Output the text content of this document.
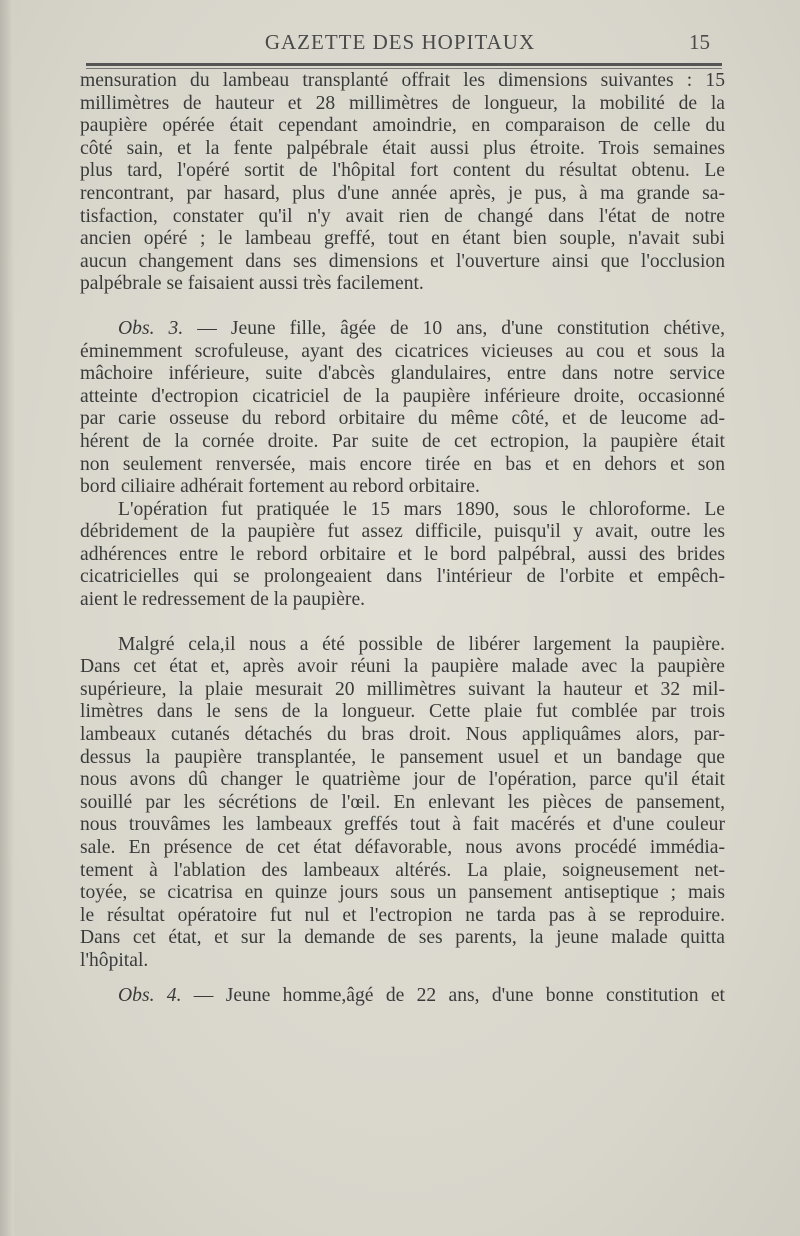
GAZETTE DES HOPITAUX	15
mensuration du lambeau transplanté offrait les dimensions suivantes : 15
millimètres de hauteur et 28 millimètres de longueur, la mobilité de la
paupière opérée était cependant amoindrie, en comparaison de celle du
côté sain, et la fente palpébrale était aussi plus étroite. Trois semaines
plus tard, l'opéré sortit de l'hôpital fort content du résultat obtenu. Le
rencontrant, par hasard, plus d'une année après, je pus, à ma grande sa-
tisfaction, constater qu'il n'y avait rien de changé dans l'état de notre
ancien opéré ; le lambeau greffé, tout en étant bien souple, n'avait subi
aucun changement dans ses dimensions et l'ouverture ainsi que l'occlusion
palpébrale se faisaient aussi très facilement.
Obs. 3. — Jeune fille, âgée de 10 ans, d'une constitution chétive,
éminemment scrofuleuse, ayant des cicatrices vicieuses au cou et sous la
mâchoire inférieure, suite d'abcès glandulaires, entre dans notre service
atteinte d'ectropion cicatriciel de la paupière inférieure droite, occasionné
par carie osseuse du rebord orbitaire du même côté, et de leucome ad-
hérent de la cornée droite. Par suite de cet ectropion, la paupière était
non seulement renversée, mais encore tirée en bas et en dehors et son
bord ciliaire adhérait fortement au rebord orbitaire.
L'opération fut pratiquée le 15 mars 1890, sous le chloroforme. Le
débridement de la paupière fut assez difficile, puisqu'il y avait, outre les
adhérences entre le rebord orbitaire et le bord palpébral, aussi des brides
cicatricielles qui se prolongeaient dans l'intérieur de l'orbite et empêch-
aient le redressement de la paupière.
Malgré cela,il nous a été possible de libérer largement la paupière.
Dans cet état et, après avoir réuni la paupière malade avec la paupière
supérieure, la plaie mesurait 20 millimètres suivant la hauteur et 32 mil-
limètres dans le sens de la longueur. Cette plaie fut comblée par trois
lambeaux cutanés détachés du bras droit. Nous appliquâmes alors, par-
dessus la paupière transplantée, le pansement usuel et un bandage que
nous avons dû changer le quatrième jour de l'opération, parce qu'il était
souillé par les sécrétions de l'œil. En enlevant les pièces de pansement,
nous trouvâmes les lambeaux greffés tout à fait macérés et d'une couleur
sale. En présence de cet état défavorable, nous avons procédé immédia-
tement à l'ablation des lambeaux altérés. La plaie, soigneusement net-
toyée, se cicatrisa en quinze jours sous un pansement antiseptique ; mais
le résultat opératoire fut nul et l'ectropion ne tarda pas à se reproduire.
Dans cet état, et sur la demande de ses parents, la jeune malade quitta
l'hôpital.
Obs. 4. — Jeune homme,âgé de 22 ans, d'une bonne constitution et
